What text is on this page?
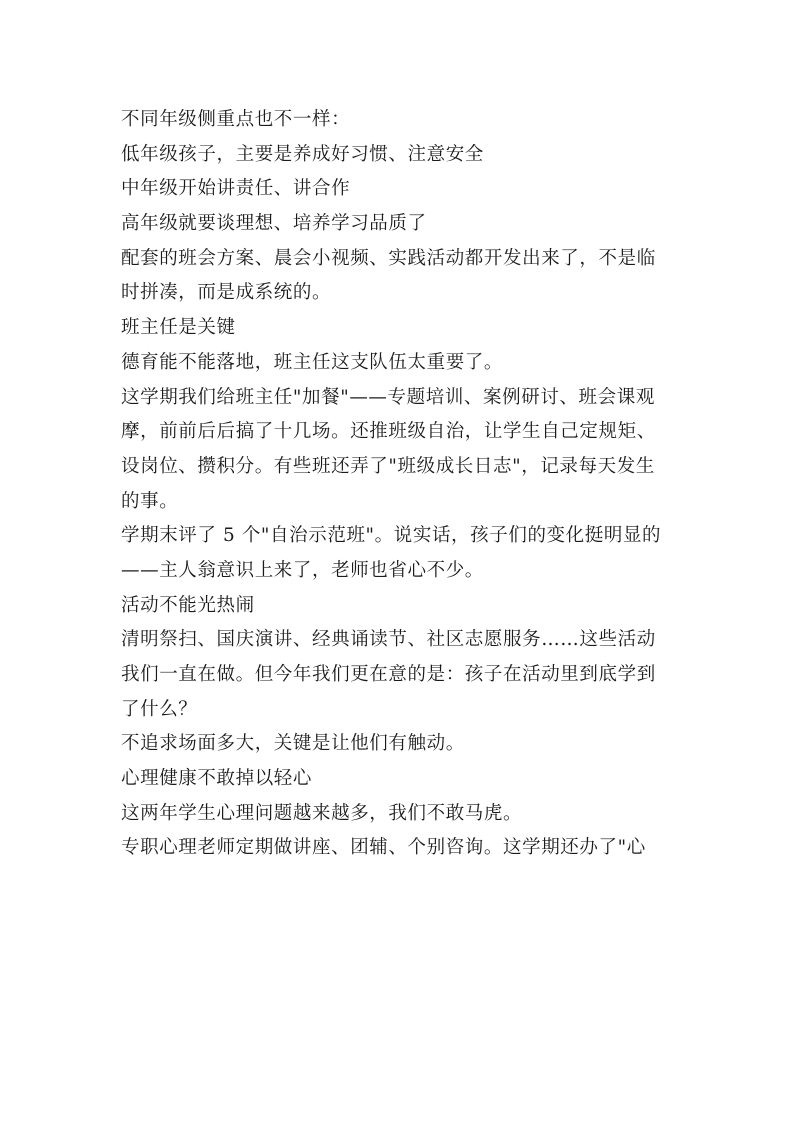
不同年级侧重点也不一样：
低年级孩子，主要是养成好习惯、注意安全
中年级开始讲责任、讲合作
高年级就要谈理想、培养学习品质了
配套的班会方案、晨会小视频、实践活动都开发出来了，不是临
时拼凑，而是成系统的。
班主任是关键
德育能不能落地，班主任这支队伍太重要了。
这学期我们给班主任"加餐"——专题培训、案例研讨、班会课观
摩，前前后后搞了十几场。还推班级自治，让学生自己定规矩、
设岗位、攒积分。有些班还弄了"班级成长日志"，记录每天发生
的事。
学期末评了 5 个"自治示范班"。说实话，孩子们的变化挺明显的
——主人翁意识上来了，老师也省心不少。
活动不能光热闹
清明祭扫、国庆演讲、经典诵读节、社区志愿服务……这些活动
我们一直在做。但今年我们更在意的是：孩子在活动里到底学到
了什么？
不追求场面多大，关键是让他们有触动。
心理健康不敢掉以轻心
这两年学生心理问题越来越多，我们不敢马虎。
专职心理老师定期做讲座、团辅、个别咨询。这学期还办了"心
